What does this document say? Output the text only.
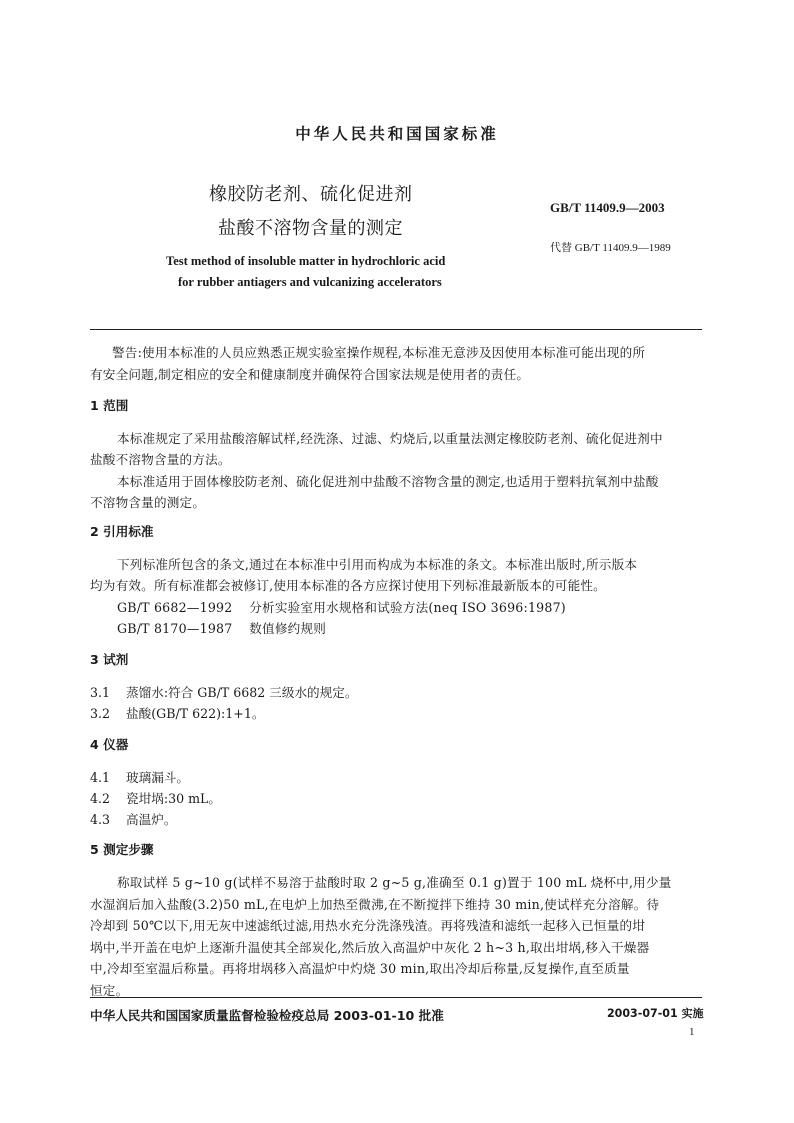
中华人民共和国国家标准
橡胶防老剂、硫化促进剂
盐酸不溶物含量的测定
GB/T 11409.9—2003
代替 GB/T 11409.9—1989
Test method of insoluble matter in hydrochloric acid
for rubber antiagers and vulcanizing accelerators
警告:使用本标准的人员应熟悉正规实验室操作规程,本标准无意涉及因使用本标准可能出现的所
有安全问题,制定相应的安全和健康制度并确保符合国家法规是使用者的责任。
1 范围
本标准规定了采用盐酸溶解试样,经洗涤、过滤、灼烧后,以重量法测定橡胶防老剂、硫化促进剂中
盐酸不溶物含量的方法。
本标准适用于固体橡胶防老剂、硫化促进剂中盐酸不溶物含量的测定,也适用于塑料抗氧剂中盐酸
不溶物含量的测定。
2 引用标准
下列标准所包含的条文,通过在本标准中引用而构成为本标准的条文。本标准出版时,所示版本
均为有效。所有标准都会被修订,使用本标准的各方应探讨使用下列标准最新版本的可能性。
GB/T 6682—1992    分析实验室用水规格和试验方法(neq ISO 3696:1987)
GB/T 8170—1987    数值修约规则
3 试剂
3.1    蒸馏水:符合 GB/T 6682 三级水的规定。
3.2    盐酸(GB/T 622):1+1。
4 仪器
4.1    玻璃漏斗。
4.2    瓷坩埚:30 mL。
4.3    高温炉。
5 测定步骤
称取试样 5 g~10 g(试样不易溶于盐酸时取 2 g~5 g,准确至 0.1 g)置于 100 mL 烧杯中,用少量
水湿润后加入盐酸(3.2)50 mL,在电炉上加热至微沸,在不断搅拌下维持 30 min,使试样充分溶解。待
冷却到 50℃以下,用无灰中速滤纸过滤,用热水充分洗涤残渣。再将残渣和滤纸一起移入已恒量的坩
埚中,半开盖在电炉上逐渐升温使其全部炭化,然后放入高温炉中灰化 2 h~3 h,取出坩埚,移入干燥器
中,冷却至室温后称量。再将坩埚移入高温炉中灼烧 30 min,取出冷却后称量,反复操作,直至质量
恒定。
中华人民共和国国家质量监督检验检疫总局 2003-01-10 批准	2003-07-01 实施
1
